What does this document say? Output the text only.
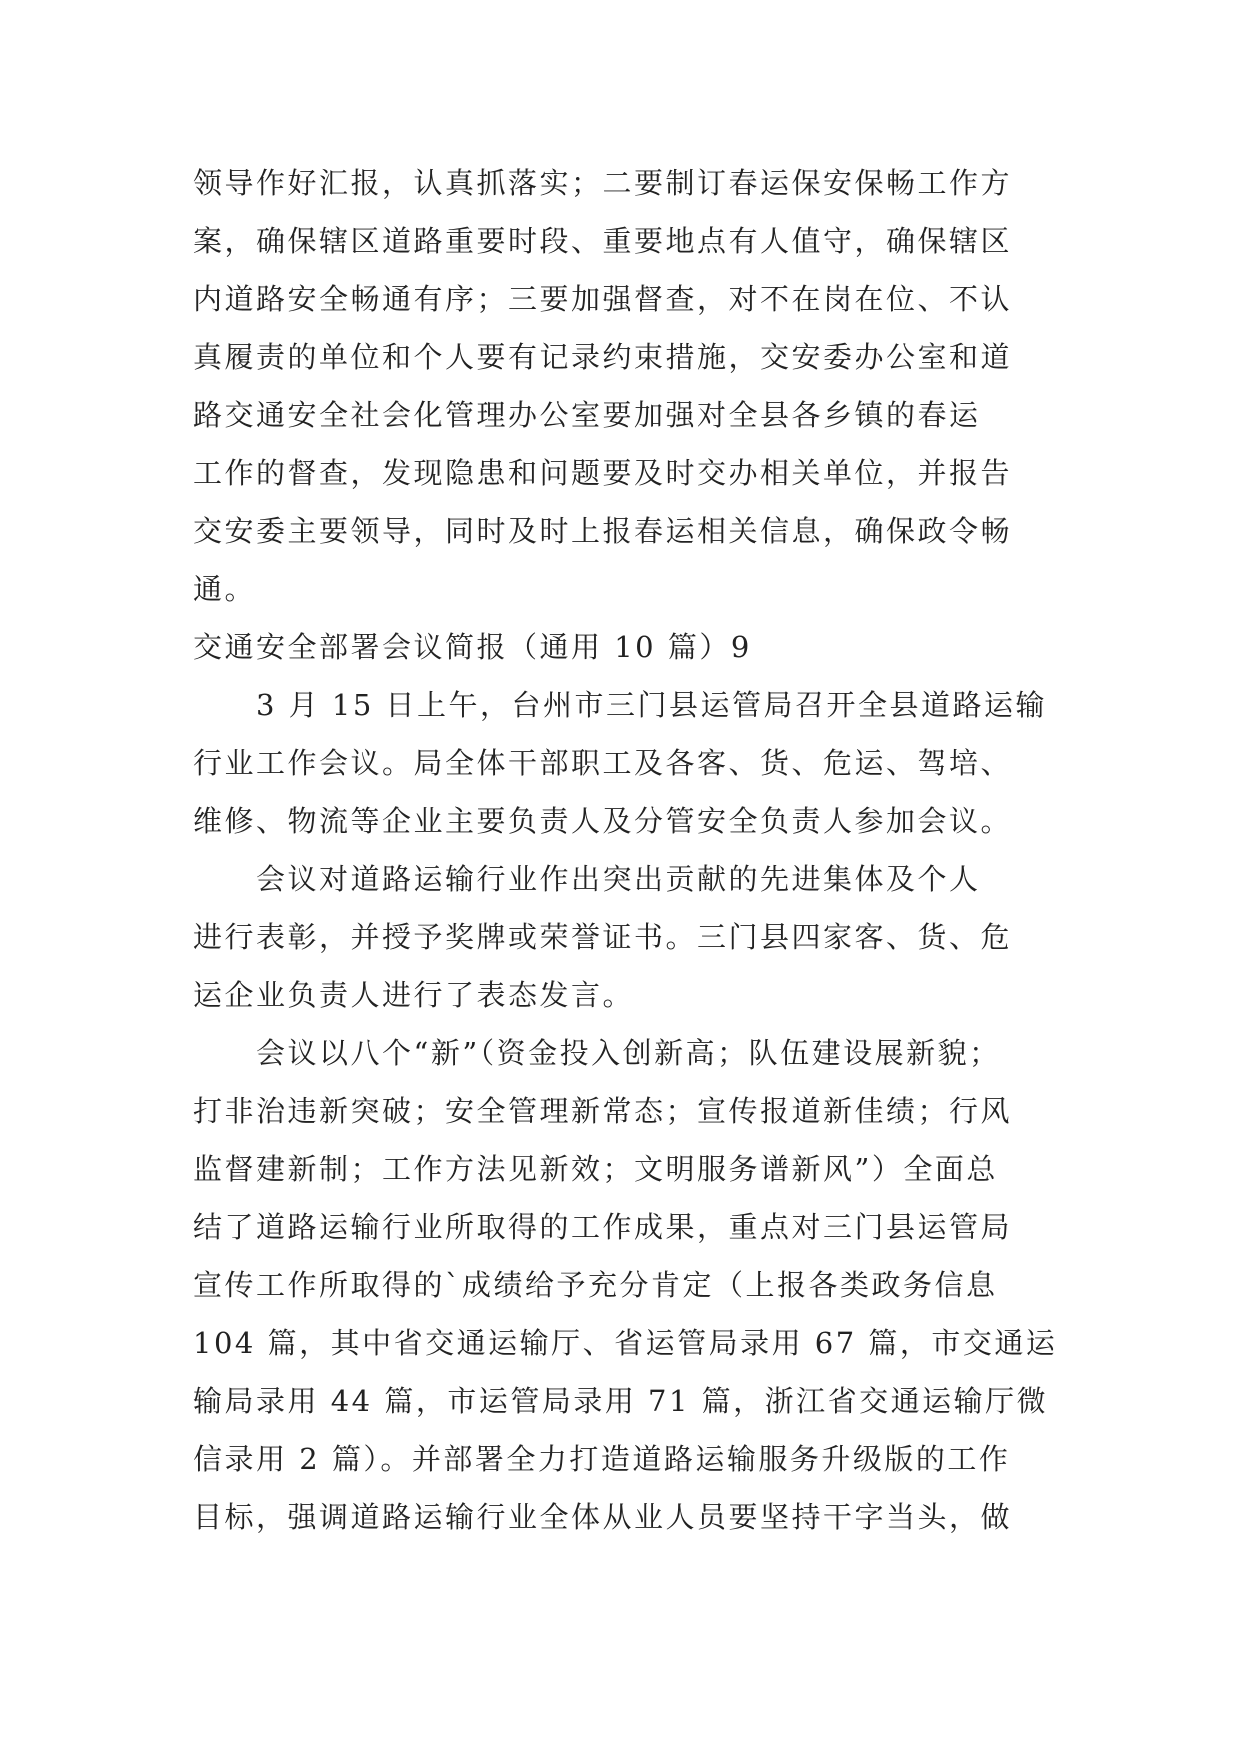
领导作好汇报，认真抓落实；二要制订春运保安保畅工作方

案，确保辖区道路重要时段、重要地点有人值守，确保辖区

内道路安全畅通有序；三要加强督查，对不在岗在位、不认

真履责的单位和个人要有记录约束措施，交安委办公室和道

路交通安全社会化管理办公室要加强对全县各乡镇的春运

工作的督查，发现隐患和问题要及时交办相关单位，并报告

交安委主要领导，同时及时上报春运相关信息，确保政令畅

通。

交通安全部署会议简报（通用 10 篇）9

　　3 月 15 日上午，台州市三门县运管局召开全县道路运输

行业工作会议。局全体干部职工及各客、货、危运、驾培、

维修、物流等企业主要负责人及分管安全负责人参加会议。

　　会议对道路运输行业作出突出贡献的先进集体及个人

进行表彰，并授予奖牌或荣誉证书。三门县四家客、货、危

运企业负责人进行了表态发言。

　　会议以八个“新”（资金投入创新高；队伍建设展新貌；

打非治违新突破；安全管理新常态；宣传报道新佳绩；行风

监督建新制；工作方法见新效；文明服务谱新风”）全面总

结了道路运输行业所取得的工作成果，重点对三门县运管局

宣传工作所取得的`成绩给予充分肯定（上报各类政务信息

104 篇，其中省交通运输厅、省运管局录用 67 篇，市交通运

输局录用 44 篇，市运管局录用 71 篇，浙江省交通运输厅微

信录用 2 篇）。并部署全力打造道路运输服务升级版的工作

目标，强调道路运输行业全体从业人员要坚持干字当头，做
